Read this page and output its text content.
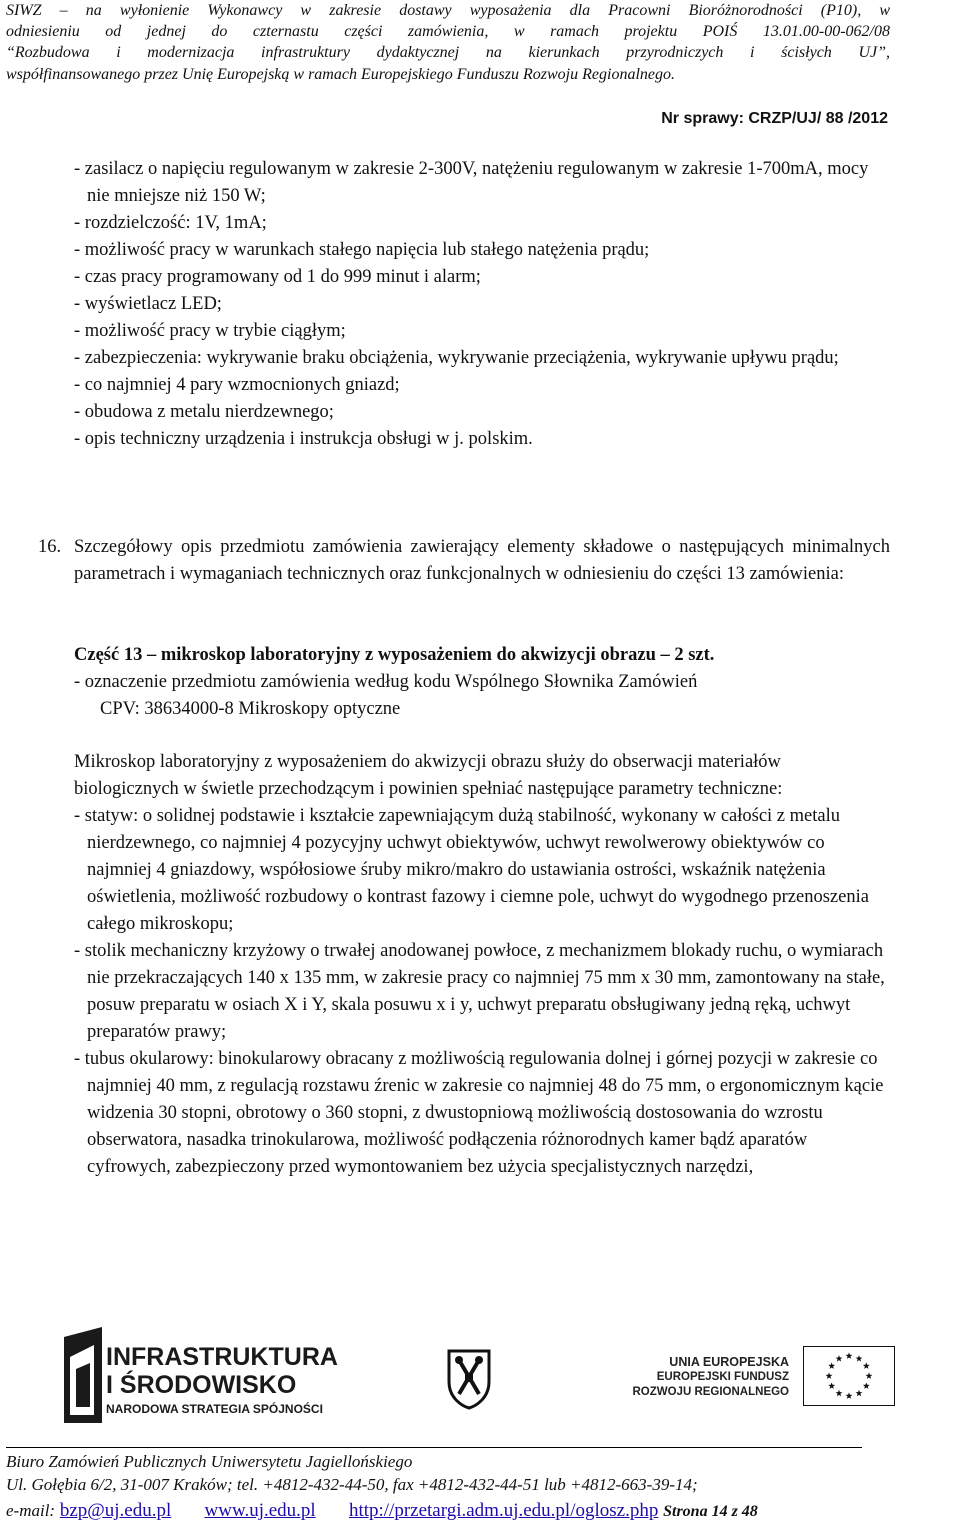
SIWZ – na wyłonienie Wykonawcy w zakresie dostawy wyposażenia dla Pracowni Bioróżnorodności (P10), w
odniesieniu od jednej do czternastu części zamówienia, w ramach projektu POIŚ 13.01.00-00-062/08
“Rozbudowa i modernizacja infrastruktury dydaktycznej na kierunkach przyrodniczych i ścisłych UJ”,
współfinansowanego przez Unię Europejską w ramach Europejskiego Funduszu Rozwoju Regionalnego.
Nr sprawy: CRZP/UJ/ 88 /2012
- zasilacz o napięciu regulowanym w zakresie 2-300V, natężeniu regulowanym w zakresie 1-700mA, mocy nie mniejsze niż 150 W;
- rozdzielczość: 1V, 1mA;
- możliwość pracy w warunkach stałego napięcia lub stałego natężenia prądu;
- czas pracy programowany od 1 do 999 minut i alarm;
- wyświetlacz LED;
- możliwość pracy w trybie ciągłym;
- zabezpieczenia: wykrywanie braku obciążenia, wykrywanie przeciążenia, wykrywanie upływu prądu;
- co najmniej 4 pary wzmocnionych gniazd;
- obudowa z metalu nierdzewnego;
- opis techniczny urządzenia i instrukcja obsługi w j. polskim.
16. Szczegółowy opis przedmiotu zamówienia zawierający elementy składowe o następujących minimalnych parametrach i wymaganiach technicznych oraz funkcjonalnych w odniesieniu do części 13 zamówienia:
Część 13 – mikroskop laboratoryjny z wyposażeniem do akwizycji obrazu – 2 szt.
- oznaczenie przedmiotu zamówienia według kodu Wspólnego Słownika Zamówień
CPV: 38634000-8 Mikroskopy optyczne
Mikroskop laboratoryjny z wyposażeniem do akwizycji obrazu służy do obserwacji materiałów biologicznych w świetle przechodzącym i powinien spełniać następujące parametry techniczne:
- statyw: o solidnej podstawie i kształcie zapewniającym dużą stabilność, wykonany w całości z metalu nierdzewnego, co najmniej 4 pozycyjny uchwyt obiektywów, uchwyt rewolwerowy obiektywów co najmniej 4 gniazdowy, współosiowe śruby mikro/makro do ustawiania ostrości, wskaźnik natężenia oświetlenia, możliwość rozbudowy o kontrast fazowy i ciemne pole, uchwyt do wygodnego przenoszenia całego mikroskopu;
- stolik mechaniczny krzyżowy o trwałej anodowanej powłoce, z mechanizmem blokady ruchu, o wymiarach nie przekraczających 140 x 135 mm, w zakresie pracy co najmniej 75 mm x 30 mm, zamontowany na stałe, posuw preparatu w osiach X i Y, skala posuwu x i y, uchwyt preparatu obsługiwany jedną ręką, uchwyt preparatów prawy;
- tubus okularowy: binokularowy obracany z możliwością regulowania dolnej i górnej pozycji w zakresie co najmniej 40 mm, z regulacją rozstawu źrenic w zakresie co najmniej 48 do 75 mm, o ergonomicznym kącie widzenia 30 stopni, obrotowy o 360 stopni, z dwustopniową możliwością dostosowania do wzrostu obserwatora, nasadka trinokularowa, możliwość podłączenia różnorodnych kamer bądź aparatów cyfrowych, zabezpieczony przed wymontowaniem bez użycia specjalistycznych narzędzi,
INFRASTRUKTURA
I ŚRODOWISKO
NARODOWA STRATEGIA SPÓJNOŚCI
UNIA EUROPEJSKA
EUROPEJSKI FUNDUSZ
ROZWOJU REGIONALNEGO
Biuro Zamówień Publicznych Uniwersytetu Jagiellońskiego
Ul. Gołębia 6/2, 31-007 Kraków; tel. +4812-432-44-50, fax +4812-432-44-51 lub +4812-663-39-14;
e-mail: bzp@uj.edu.pl www.uj.edu.pl http://przetargi.adm.uj.edu.pl/oglosz.php Strona 14 z 48
